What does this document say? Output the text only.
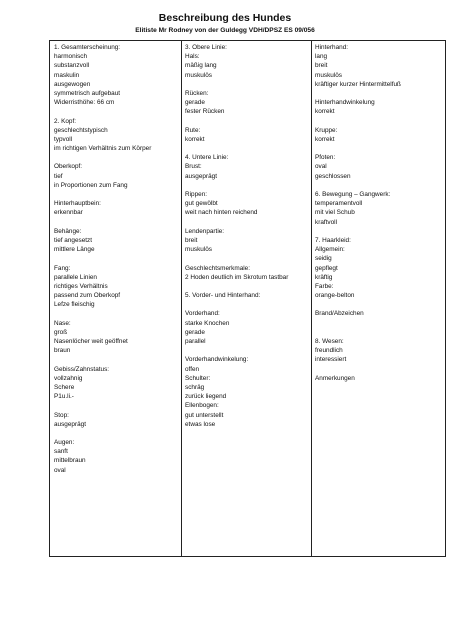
Beschreibung des Hundes
Elitiste Mr Rodney von der Guldegg VDH/DPSZ ES 09/056
1. Gesamterscheinung:
harmonisch
substanzvoll
maskulin
ausgewogen
symmetrisch aufgebaut
Widerristhöhe: 66 cm
2. Kopf:
geschlechtstypisch
typvoll
im richtigen Verhältnis zum Körper
Oberkopf:
tief
in Proportionen zum Fang
Hinterhauptbein:
erkennbar
Behänge:
tief angesetzt
mittlere Länge
Fang:
parallele Linien
richtiges Verhältnis
passend zum Oberkopf
Lefze fleischig
Nase:
groß
Nasenlöcher weit geöffnet
braun
Gebiss/Zahnstatus:
vollzahnig
Schere
P1u.li.-
Stop:
ausgeprägt
Augen:
sanft
mittelbraun
oval
3. Obere Linie:
Hals:
mäßig lang
muskulös
Rücken:
gerade
fester Rücken
Rute:
korrekt
4. Untere Linie:
Brust:
ausgeprägt
Rippen:
gut gewölbt
weit nach hinten reichend
Lendenpartie:
breit
muskulös
Geschlechtsmerkmale:
2 Hoden deutlich im Skrotum tastbar
5. Vorder- und Hinterhand:
Vorderhand:
starke Knochen
gerade
parallel
Vorderhandwinkelung:
offen
Schulter:
schräg
zurück liegend
Ellenbogen:
gut unterstellt
etwas lose
Hinterhand:
lang
breit
muskulös
kräftiger kurzer Hintermittelfuß
Hinterhandwinkelung
korrekt
Kruppe:
korrekt
Pfoten:
oval
geschlossen
6. Bewegung – Gangwerk:
temperamentvoll
mit viel Schub
kraftvoll
7. Haarkleid:
Allgemein:
seidig
gepflegt
kräftig
Farbe:
orange-belton
Brand/Abzeichen
8. Wesen:
freundlich
interessiert
Anmerkungen
